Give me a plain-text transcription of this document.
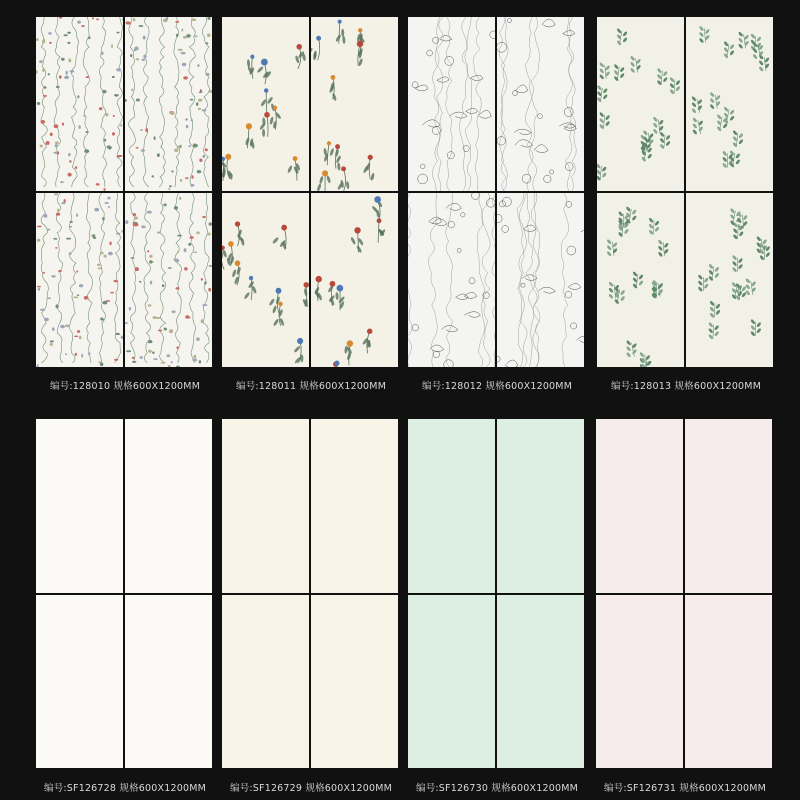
编号:128010 规格600X1200MM	编号:128011 规格600X1200MM	编号:128012 规格600X1200MM	编号:128013 规格600X1200MM
编号:SF126728 规格600X1200MM	编号:SF126729 规格600X1200MM	编号:SF126730 规格600X1200MM	编号:SF126731 规格600X1200MM
